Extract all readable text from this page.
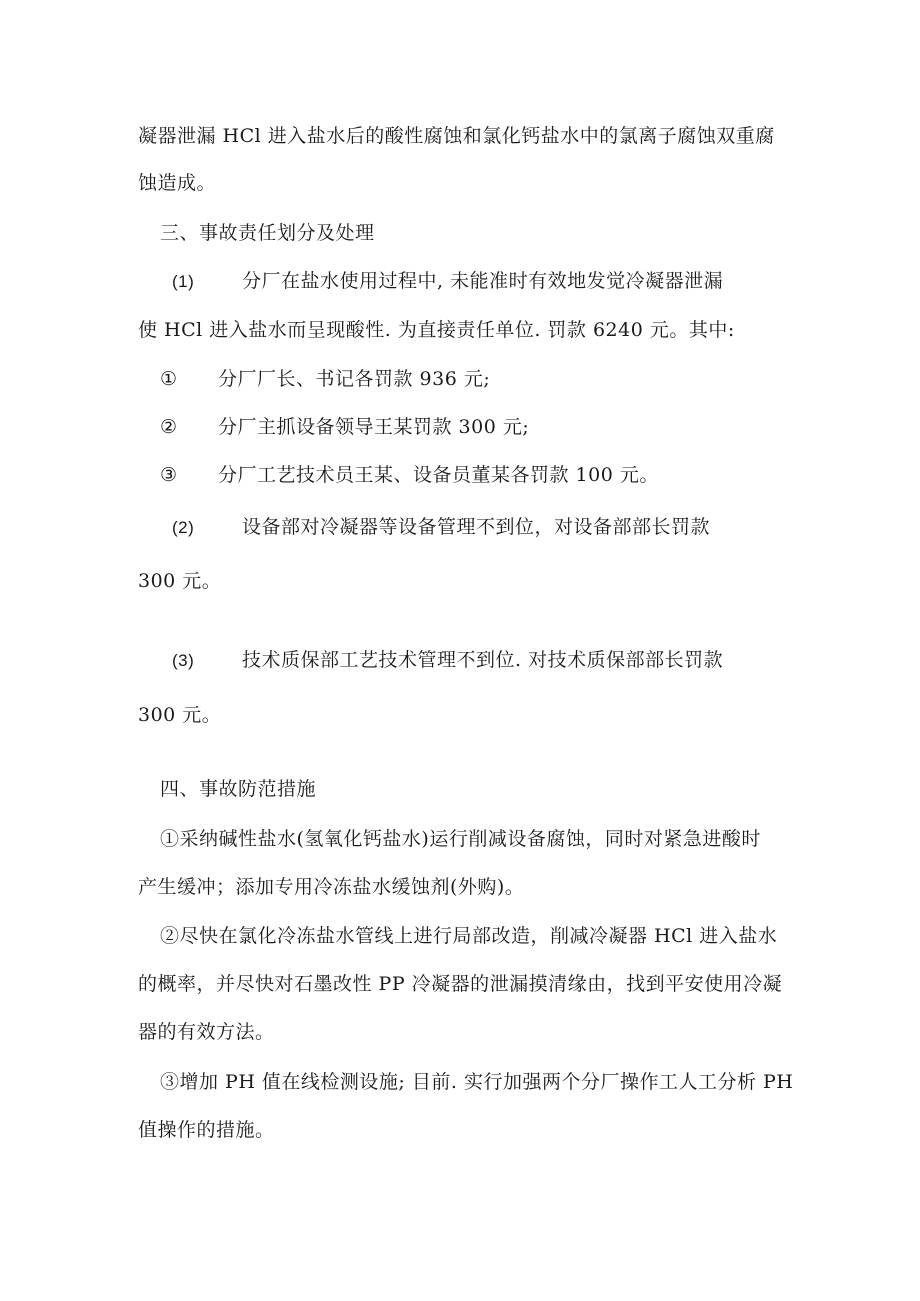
凝器泄漏 HCl 进入盐水后的酸性腐蚀和氯化钙盐水中的氯离子腐蚀双重腐
蚀造成。
三、事故责任划分及处理
(1)	分厂在盐水使用过程中, 未能准时有效地发觉冷凝器泄漏
使 HCl 进入盐水而呈现酸性. 为直接责任单位. 罚款 6240 元。其中:
① 分厂厂长、书记各罚款 936 元;
② 分厂主抓设备领导王某罚款 300 元;
③ 分厂工艺技术员王某、设备员董某各罚款 100 元。
(2)	设备部对冷凝器等设备管理不到位，对设备部部长罚款
300 元。
(3)	技术质保部工艺技术管理不到位. 对技术质保部部长罚款
300 元。
四、事故防范措施
①采纳碱性盐水(氢氧化钙盐水)运行削减设备腐蚀，同时对紧急进酸时
产生缓冲；添加专用冷冻盐水缓蚀剂(外购)。
②尽快在氯化冷冻盐水管线上进行局部改造，削减冷凝器 HCl 进入盐水
的概率，并尽快对石墨改性 PP 冷凝器的泄漏摸清缘由，找到平安使用冷凝
器的有效方法。
③增加 PH 值在线检测设施; 目前. 实行加强两个分厂操作工人工分析 PH
值操作的措施。
